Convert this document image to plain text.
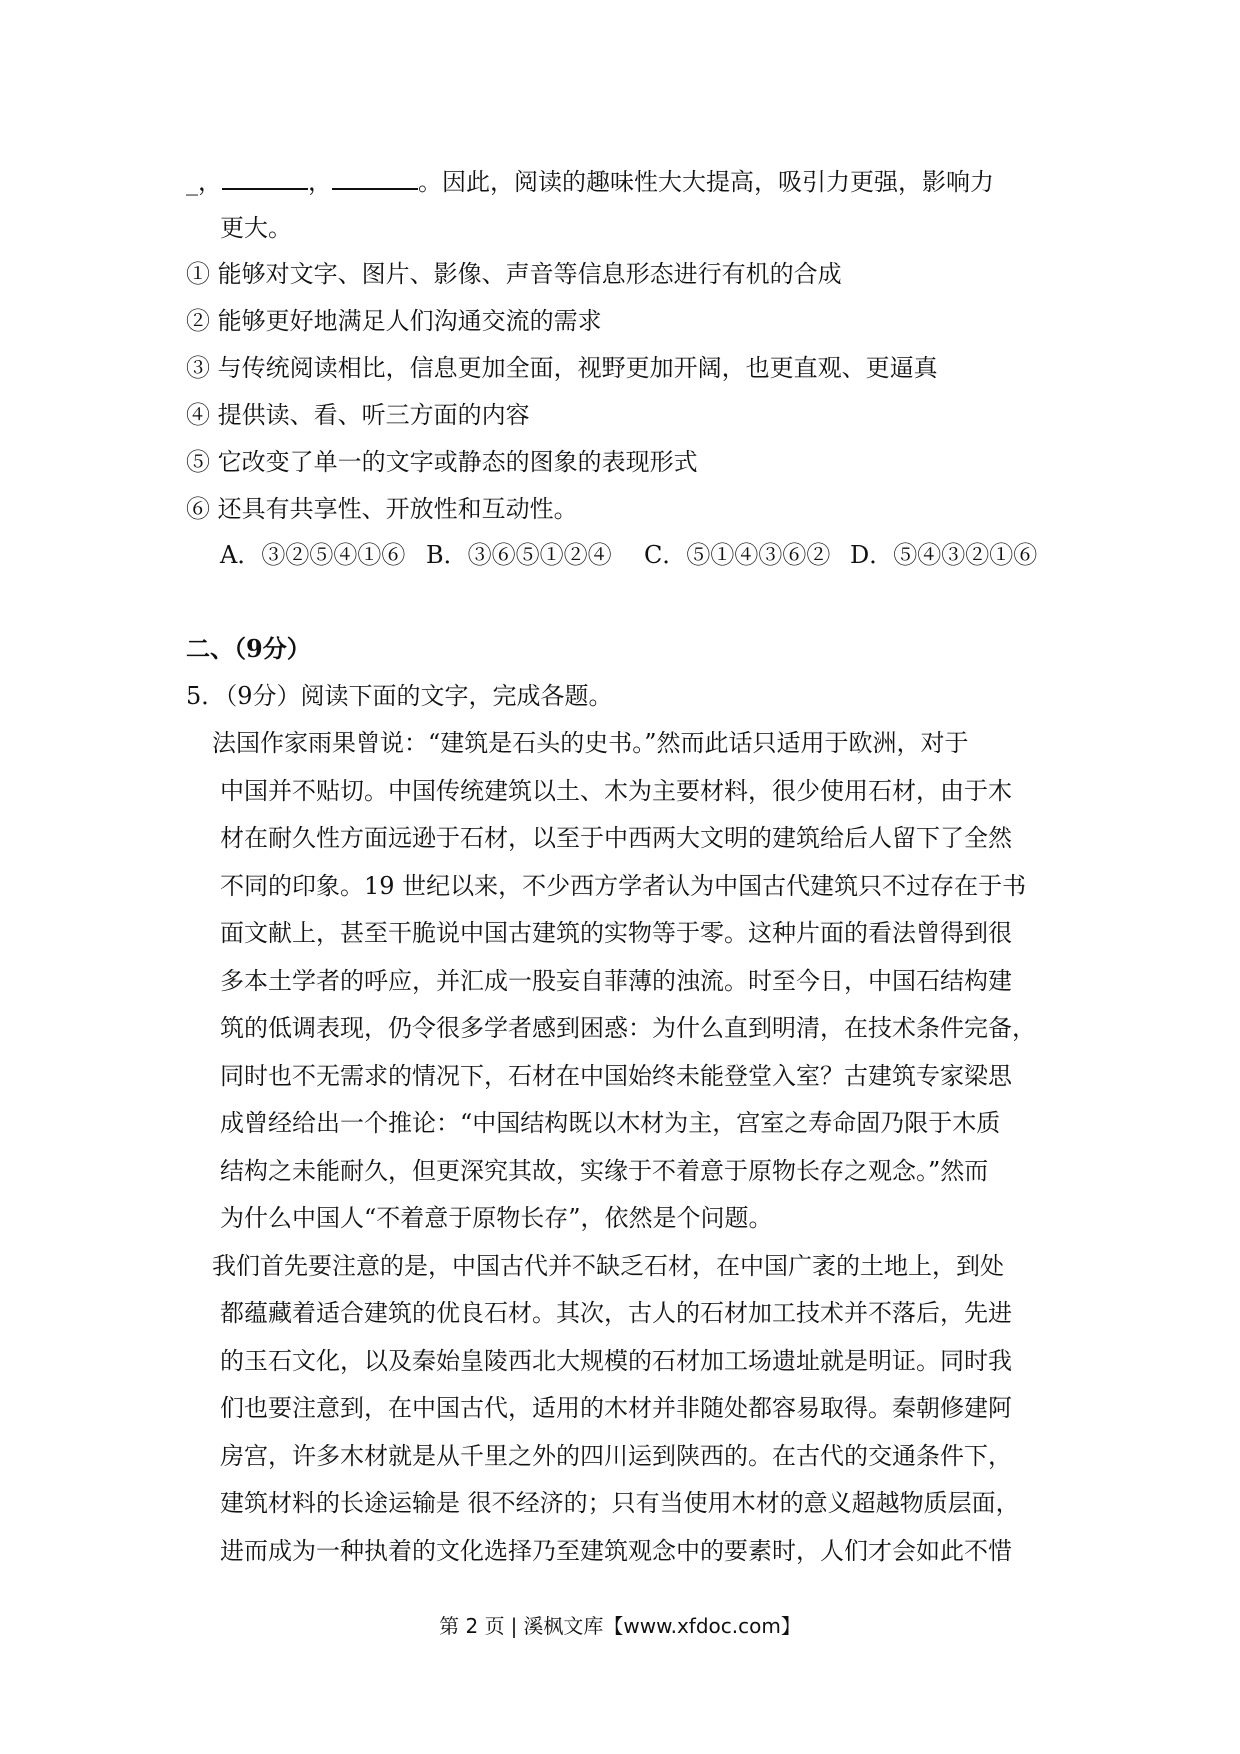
_，	，	。因此，阅读的趣味性大大提高，吸引力更强，影响力
更大。
① 能够对文字、图片、影像、声音等信息形态进行有机的合成
② 能够更好地满足人们沟通交流的需求
③ 与传统阅读相比，信息更加全面，视野更加开阔，也更直观、更逼真
④ 提供读、看、听三方面的内容
⑤ 它改变了单一的文字或静态的图象的表现形式
⑥ 还具有共享性、开放性和互动性。
A．③②⑤④①⑥ B．③⑥⑤①②④ C．⑤①④③⑥② D．⑤④③②①⑥
二、（9分）
5．（9分）阅读下面的文字，完成各题。
法国作家雨果曾说：“建筑是石头的史书。”然而此话只适用于欧洲，对于
中国并不贴切。中国传统建筑以土、木为主要材料，很少使用石材，由于木
材在耐久性方面远逊于石材，以至于中西两大文明的建筑给后人留下了全然
不同的印象。19 世纪以来，不少西方学者认为中国古代建筑只不过存在于书
面文献上，甚至干脆说中国古建筑的实物等于零。这种片面的看法曾得到很
多本土学者的呼应，并汇成一股妄自菲薄的浊流。时至今日，中国石结构建
筑的低调表现，仍令很多学者感到困惑：为什么直到明清，在技术条件完备，
同时也不无需求的情况下，石材在中国始终未能登堂入室？古建筑专家梁思
成曾经给出一个推论：“中国结构既以木材为主，宫室之寿命固乃限于木质
结构之未能耐久，但更深究其故，实缘于不着意于原物长存之观念。”然而
为什么中国人“不着意于原物长存”，依然是个问题。
我们首先要注意的是，中国古代并不缺乏石材，在中国广袤的土地上，到处
都蕴藏着适合建筑的优良石材。其次，古人的石材加工技术并不落后，先进
的玉石文化，以及秦始皇陵西北大规模的石材加工场遗址就是明证。同时我
们也要注意到，在中国古代，适用的木材并非随处都容易取得。秦朝修建阿
房宫，许多木材就是从千里之外的四川运到陕西的。在古代的交通条件下，
建筑材料的长途运输是 很不经济的；只有当使用木材的意义超越物质层面，
进而成为一种执着的文化选择乃至建筑观念中的要素时，人们才会如此不惜
第 2 页 | 溪枫文库【www.xfdoc.com】
